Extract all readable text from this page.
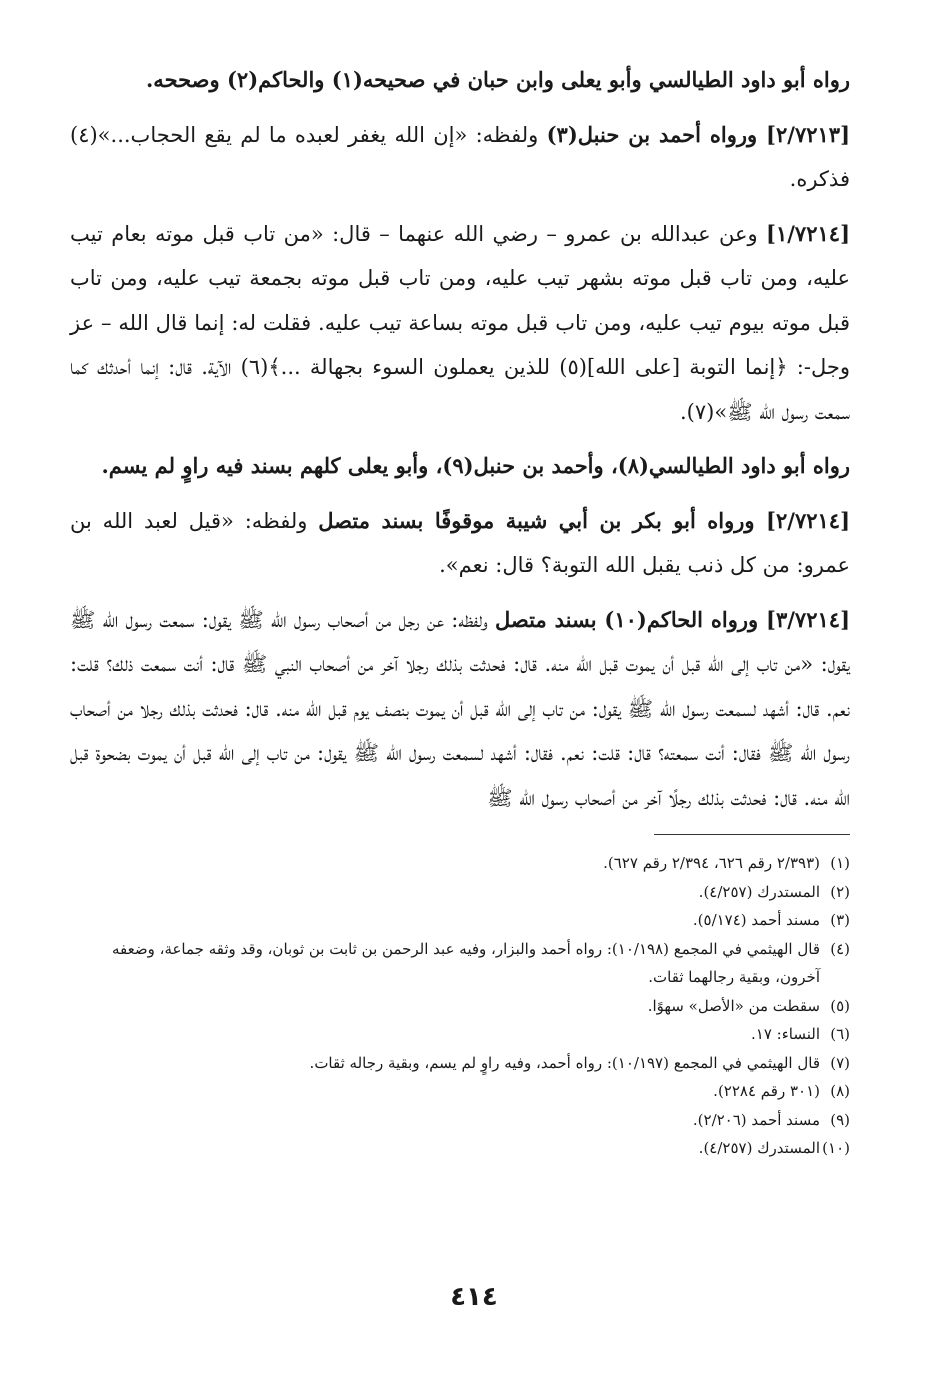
رواه أبو داود الطيالسي وأبو يعلى وابن حبان في صحيحه(١) والحاكم(٢) وصححه.

[٢/٧٢١٣] ورواه أحمد بن حنبل(٣) ولفظه: «إن الله يغفر لعبده ما لم يقع الحجاب...»(٤) فذكره.

[١/٧٢١٤] وعن عبدالله بن عمرو – رضي الله عنهما – قال: «من تاب قبل موته بعام تيب عليه، ومن تاب قبل موته بشهر تيب عليه، ومن تاب قبل موته بجمعة تيب عليه، ومن تاب قبل موته بيوم تيب عليه، ومن تاب قبل موته بساعة تيب عليه. فقلت له: إنما قال الله – عز وجل-: ﴿إنما التوبة [على الله](٥) للذين يعملون السوء بجهالة ...﴾(٦) الآية. قال: إنما أحدثك كما سمعت رسول الله ﷺ»(٧).

رواه أبو داود الطيالسي(٨)، وأحمد بن حنبل(٩)، وأبو يعلى كلهم بسند فيه راوٍ لم يسم.

[٢/٧٢١٤] ورواه أبو بكر بن أبي شيبة موقوفًا بسند متصل ولفظه: «قيل لعبد الله بن عمرو: من كل ذنب يقبل الله التوبة؟ قال: نعم».

[٣/٧٢١٤] ورواه الحاكم(١٠) بسند متصل ولفظه: عن رجل من أصحاب رسول الله ﷺ يقول: سمعت رسول الله ﷺ يقول: «من تاب إلى الله قبل أن يموت قبل الله منه. قال: فحدثت بذلك رجلا آخر من أصحاب النبي ﷺ قال: أنت سمعت ذلك؟ قلت: نعم. قال: أشهد لسمعت رسول الله ﷺ يقول: من تاب إلى الله قبل أن يموت بنصف يوم قبل الله منه. قال: فحدثت بذلك رجلا من أصحاب رسول الله ﷺ فقال: أنت سمعته؟ قال: قلت: نعم. فقال: أشهد لسمعت رسول الله ﷺ يقول: من تاب إلى الله قبل أن يموت بضحوة قبل الله منه. قال: فحدثت بذلك رجلًا آخر من أصحاب رسول الله ﷺ

(١)
(٢/٣٩٣ رقم ٦٢٦، ٢/٣٩٤ رقم ٦٢٧).
(٢)
المستدرك (٤/٢٥٧).
(٣)
مسند أحمد (٥/١٧٤).
(٤)
قال الهيثمي في المجمع (١٠/١٩٨): رواه أحمد والبزار، وفيه عبد الرحمن بن ثابت بن ثوبان، وقد وثقه جماعة، وضعفه آخرون، وبقية رجالهما ثقات.
(٥)
سقطت من «الأصل» سهوًا.
(٦)
النساء: ١٧.
(٧)
قال الهيثمي في المجمع (١٠/١٩٧): رواه أحمد، وفيه راوٍ لم يسم، وبقية رجاله ثقات.
(٨)
(٣٠١ رقم ٢٢٨٤).
(٩)
مسند أحمد (٢/٢٠٦).
(١٠)
المستدرك (٤/٢٥٧).
٤١٤
